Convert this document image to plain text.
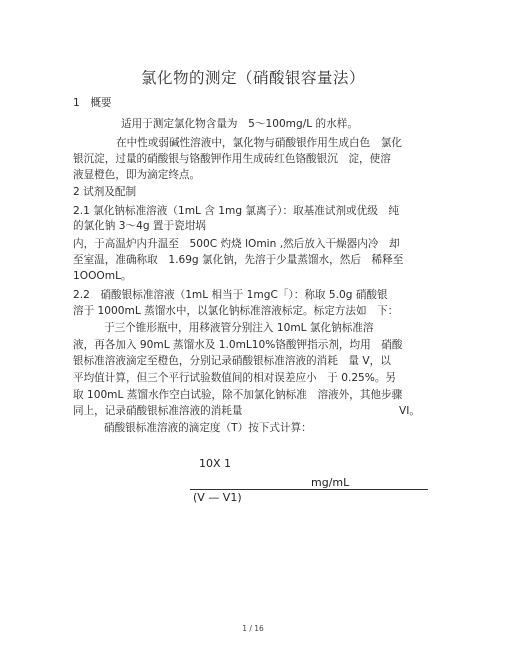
氯化物的测定（硝酸银容量法）
1　概要
适用于测定氯化物含量为　5～100mg/L 的水样。
在中性或弱碱性溶液中，氯化物与硝酸银作用生成白色　氯化
银沉淀，过量的硝酸银与铬酸钾作用生成砖红色铬酸银沉　淀，使溶
液显橙色，即为滴定终点。
2 试剂及配制
2.1 氯化钠标准溶液（1mL 含 1mg 氯离子）：取基准试剂或优级　纯
的氯化钠 3～4g 置于瓷坩埚
内，于高温炉内升温至　500C 灼烧 lOmin ,然后放入干燥器内冷　却
至室温，准确称取　1.69g 氯化钠，先溶于少量蒸馏水，然后　稀释至
1OOOmL。
2.2　硝酸银标准溶液（1mL 相当于 1mgC「）：称取 5.0g 硝酸银
溶于 1000mL 蒸馏水中，以氯化钠标准溶液标定。标定方法如　下：
于三个锥形瓶中，用移液管分别注入 10mL 氯化钠标准溶
液，再各加入 90mL 蒸馏水及 1.0mL10%铬酸钾指示剂，均用　硝酸
银标准溶液滴定至橙色，分别记录硝酸银标准溶液的消耗　量 V，以
平均值计算，但三个平行试验数值间的相对误差应小　于 0.25%。另
取 100mL 蒸馏水作空白试验，除不加氯化钠标准　溶液外，其他步骤
同上，记录硝酸银标准溶液的消耗量	VI。
硝酸银标准溶液的滴定度（T）按下式计算：
10X 1
mg/mL
(V — V1)
1 / 16
